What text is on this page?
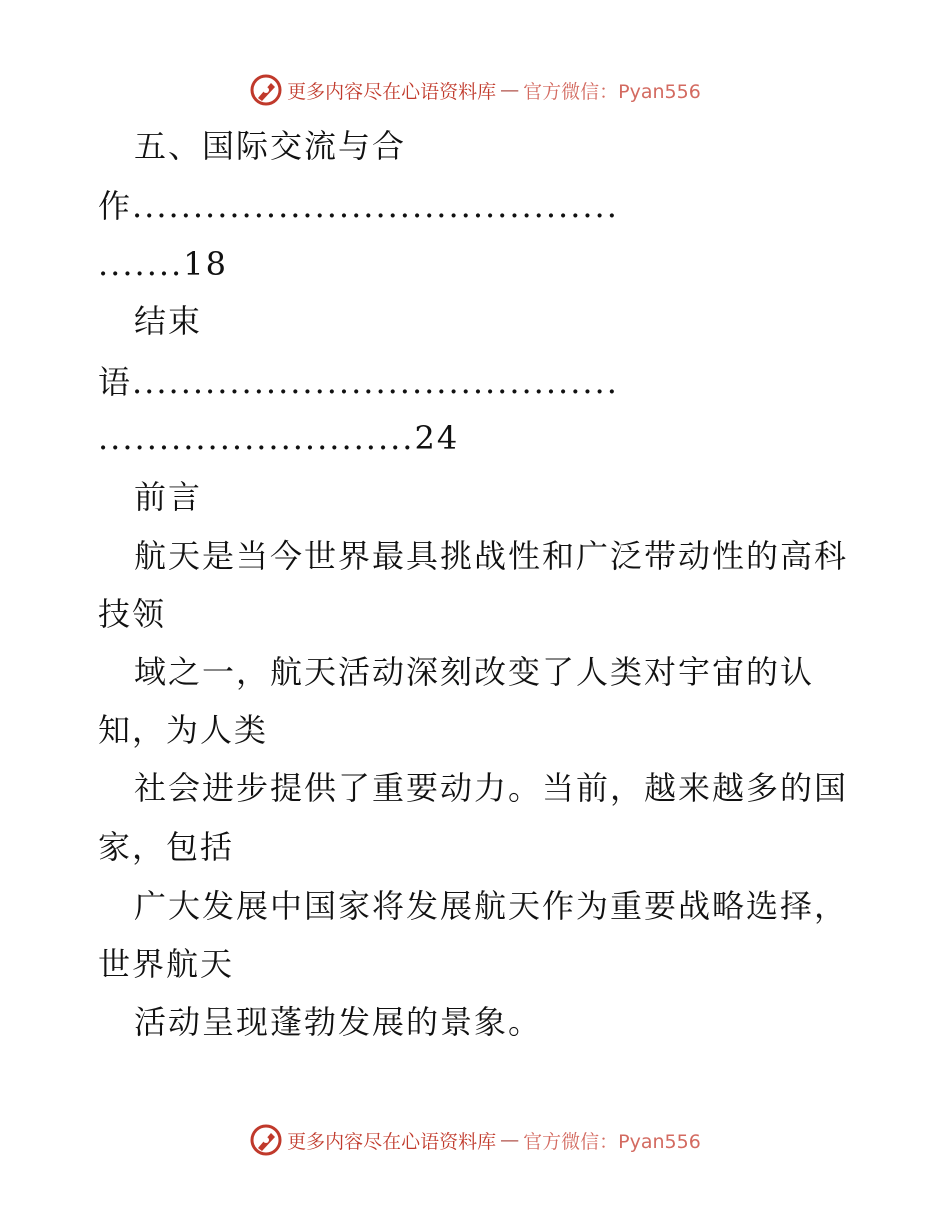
更多内容尽在心语资料库 — 官方微信：Pyan556
五、国际交流与合
作........................................
.......18
结束
语........................................
..........................24
前言
航天是当今世界最具挑战性和广泛带动性的高科
技领
域之一，航天活动深刻改变了人类对宇宙的认
知，为人类
社会进步提供了重要动力。当前，越来越多的国
家，包括
广大发展中国家将发展航天作为重要战略选择，
世界航天
活动呈现蓬勃发展的景象。
更多内容尽在心语资料库 — 官方微信：Pyan556
